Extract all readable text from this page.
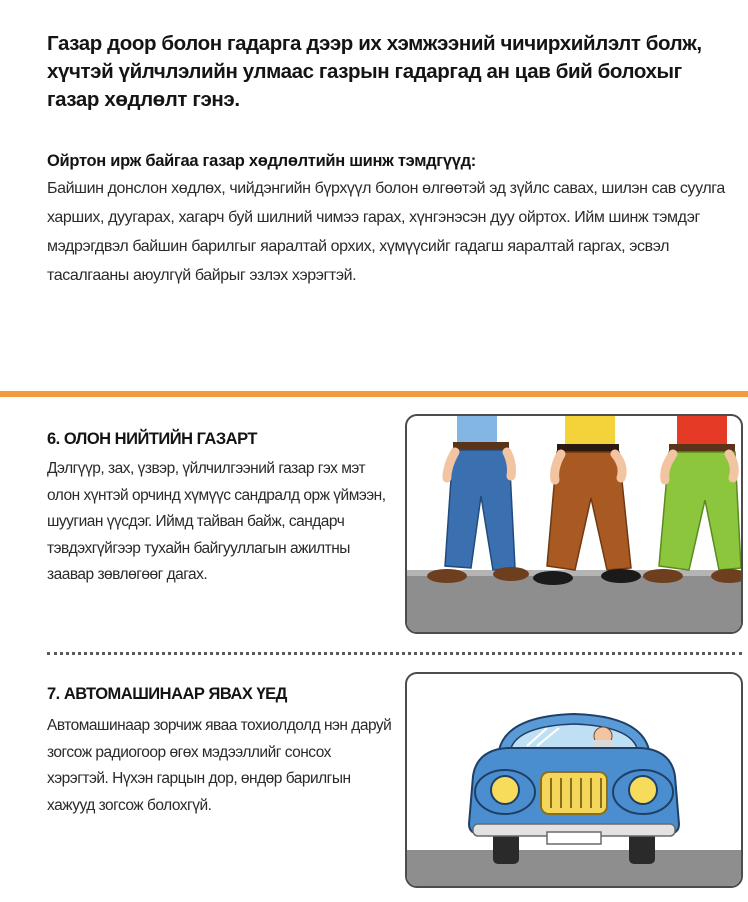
Газар доор болон гадарга дээр их хэмжээний чичирхийлэлт болж, хүчтэй үйлчлэлийн улмаас газрын гадаргад ан цав бий болохыг газар хөдлөлт гэнэ.
Ойртон ирж байгаа газар хөдлөлтийн шинж тэмдгүүд:
Байшин донслон хөдлөх, чийдэнгийн бүрхүүл болон өлгөөтэй эд зүйлс савах, шилэн сав суулга харших, дуугарах, хагарч буй шилний чимээ гарах, хүнгэнэсэн дуу ойртох. Ийм шинж тэмдэг мэдрэгдвэл байшин барилгыг яаралтай орхих, хүмүүсийг гадагш яаралтай гаргах, эсвэл тасалгааны аюулгүй байрыг эзлэх хэрэгтэй.
6. ОЛОН НИЙТИЙН ГАЗАРТ
Дэлгүүр, зах, үзвэр, үйлчилгээний газар гэх мэт олон хүнтэй орчинд хүмүүс сандралд орж үймээн, шуугиан үүсдэг. Иймд тайван байж, сандарч тэвдэхгүйгээр тухайн байгууллагын ажилтны заавар зөвлөгөөг дагах.
7. АВТОМАШИНААР ЯВАХ ҮЕД
Автомашинаар зорчиж яваа тохиолдолд нэн даруй зогсож радиогоор өгөх мэдээллийг сонсох хэрэгтэй. Нүхэн гарцын дор, өндөр барилгын хажууд зогсож болохгүй.
